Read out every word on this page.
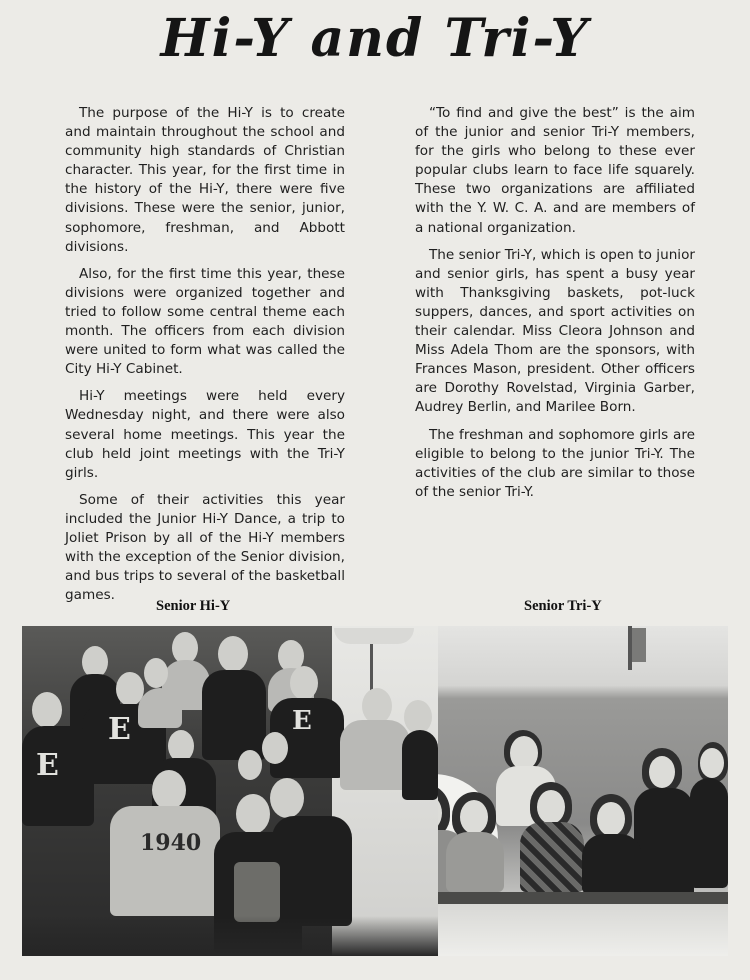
Hi-Y and Tri-Y

The purpose of the Hi-Y is to create and maintain throughout the school and community high standards of Christian character. This year, for the first time in the history of the Hi-Y, there were five divisions. These were the senior, junior, sophomore, freshman, and Abbott divisions.

Also, for the first time this year, these divisions were organized together and tried to follow some central theme each month. The officers from each division were united to form what was called the City Hi-Y Cabinet.

Hi-Y meetings were held every Wednesday night, and there were also several home meetings. This year the club held joint meetings with the Tri-Y girls.

Some of their activities this year included the Junior Hi-Y Dance, a trip to Joliet Prison by all of the Hi-Y members with the exception of the Senior division, and bus trips to several of the basketball games.

“To find and give the best” is the aim of the junior and senior Tri-Y members, for the girls who belong to these ever popular clubs learn to face life squarely. These two organizations are affiliated with the Y. W. C. A. and are members of a national organization.

The senior Tri-Y, which is open to junior and senior girls, has spent a busy year with Thanksgiving baskets, pot-luck suppers, dances, and sport activities on their calendar. Miss Cleora Johnson and Miss Adela Thom are the sponsors, with Frances Mason, president. Other officers are Dorothy Rovelstad, Virginia Garber, Audrey Berlin, and Marilee Born.

The freshman and sophomore girls are eligible to belong to the junior Tri-Y. The activities of the club are similar to those of the senior Tri-Y.

Senior Hi-Y	Senior Tri-Y
E	E
E
1940
